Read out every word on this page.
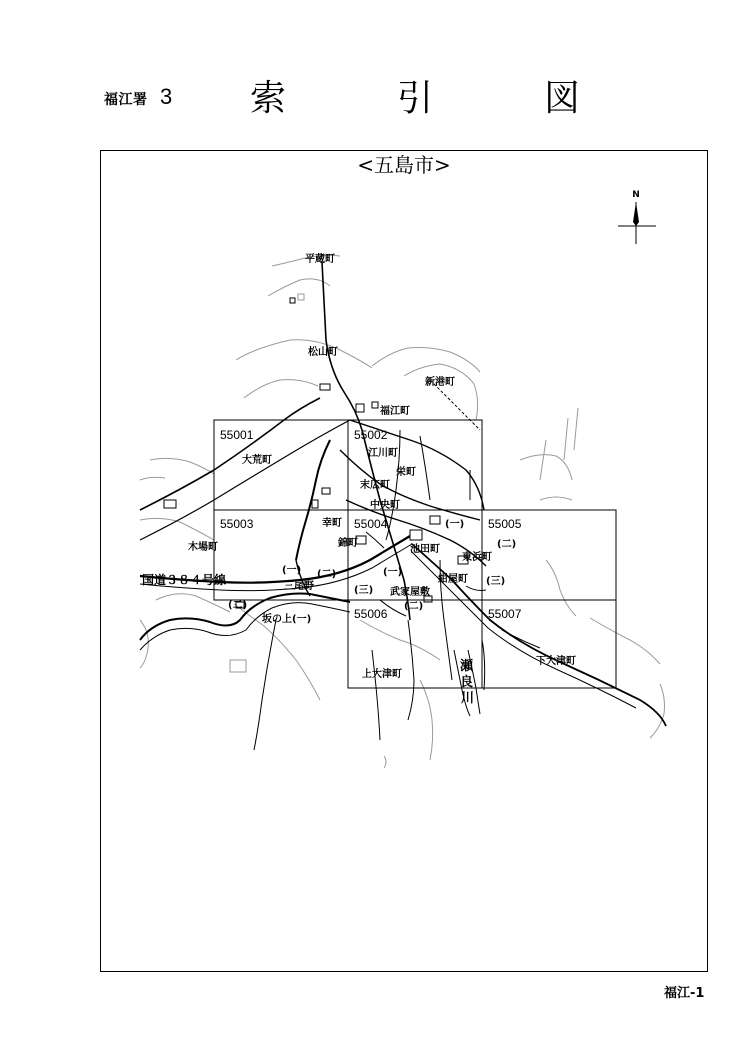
福江署 3 索	引	図
<五島市>
N
55001	55002
55003	55004	55005
55006	55007
平蔵町
松山町
新港町
福江町
大荒町
江川町
栄町
末広町
中央町
木場町
幸町
錦町
池田町
東浜町
紺屋町
武家屋敷
三尾野
坂の上(一)
上大津町
下大津町
瀬
良
川
(一)
(二)
(一) (二)	(一)
(二)
(三)
(二)
(三)
国道３８４号線
福江-1
